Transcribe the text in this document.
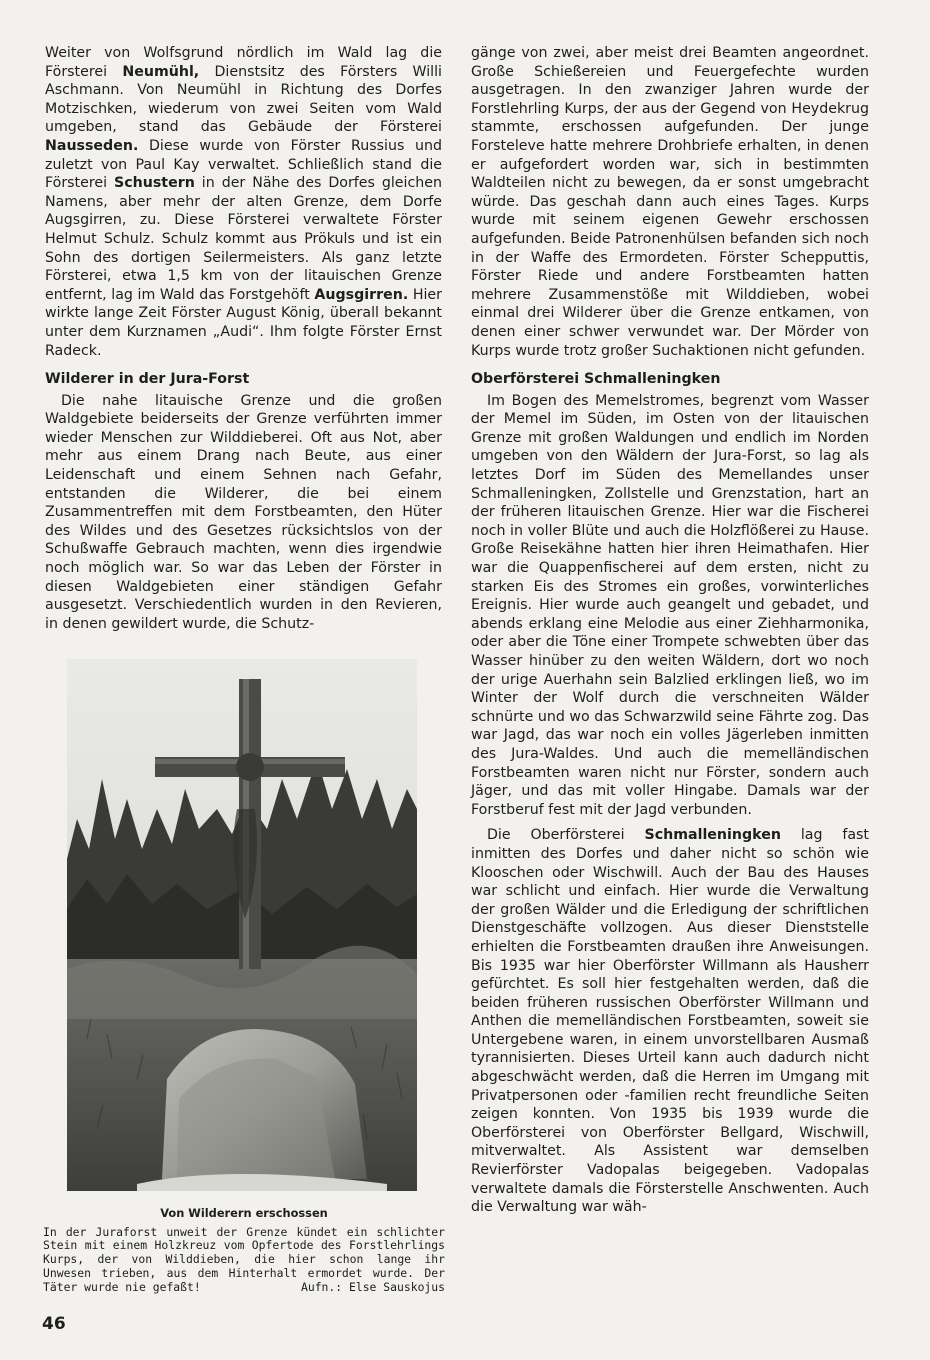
Weiter von Wolfsgrund nördlich im Wald lag die Försterei Neumühl, Dienstsitz des Försters Willi Aschmann. Von Neumühl in Richtung des Dorfes Motzischken, wiederum von zwei Seiten vom Wald umgeben, stand das Gebäude der Försterei Nausseden. Diese wurde von Förster Russius und zuletzt von Paul Kay verwaltet. Schließlich stand die Försterei Schustern in der Nähe des Dorfes gleichen Namens, aber mehr der alten Grenze, dem Dorfe Augsgirren, zu. Diese Försterei verwaltete Förster Helmut Schulz. Schulz kommt aus Prökuls und ist ein Sohn des dortigen Seilermeisters. Als ganz letzte Försterei, etwa 1,5 km von der litauischen Grenze entfernt, lag im Wald das Forstgehöft Augsgirren. Hier wirkte lange Zeit Förster August König, überall bekannt unter dem Kurznamen „Audi“. Ihm folgte Förster Ernst Radeck.

Wilderer in der Jura-Forst

Die nahe litauische Grenze und die großen Waldgebiete beiderseits der Grenze verführten immer wieder Menschen zur Wilddieberei. Oft aus Not, aber mehr aus einem Drang nach Beute, aus einer Leidenschaft und einem Sehnen nach Gefahr, entstanden die Wilderer, die bei einem Zusammentreffen mit dem Forstbeamten, den Hüter des Wildes und des Gesetzes rücksichtslos von der Schußwaffe Gebrauch machten, wenn dies irgendwie noch möglich war. So war das Leben der Förster in diesen Waldgebieten einer ständigen Gefahr ausgesetzt. Verschiedentlich wurden in den Revieren, in denen gewildert wurde, die Schutz-

gänge von zwei, aber meist drei Beamten angeordnet. Große Schießereien und Feuergefechte wurden ausgetragen. In den zwanziger Jahren wurde der Forstlehrling Kurps, der aus der Gegend von Heydekrug stammte, erschossen aufgefunden. Der junge Forsteleve hatte mehrere Drohbriefe erhalten, in denen er aufgefordert worden war, sich in bestimmten Waldteilen nicht zu bewegen, da er sonst umgebracht würde. Das geschah dann auch eines Tages. Kurps wurde mit seinem eigenen Gewehr erschossen aufgefunden. Beide Patronenhülsen befanden sich noch in der Waffe des Ermordeten. Förster Schepputtis, Förster Riede und andere Forstbeamten hatten mehrere Zusammenstöße mit Wilddieben, wobei einmal drei Wilderer über die Grenze entkamen, von denen einer schwer verwundet war. Der Mörder von Kurps wurde trotz großer Suchaktionen nicht gefunden.

Oberförsterei Schmalleningken

Im Bogen des Memelstromes, begrenzt vom Wasser der Memel im Süden, im Osten von der litauischen Grenze mit großen Waldungen und endlich im Norden umgeben von den Wäldern der Jura-Forst, so lag als letztes Dorf im Süden des Memellandes unser Schmalleningken, Zollstelle und Grenzstation, hart an der früheren litauischen Grenze. Hier war die Fischerei noch in voller Blüte und auch die Holzflößerei zu Hause. Große Reisekähne hatten hier ihren Heimathafen. Hier war die Quappenfischerei auf dem ersten, nicht zu starken Eis des Stromes ein großes, vorwinterliches Ereignis. Hier wurde auch geangelt und gebadet, und abends erklang eine Melodie aus einer Ziehharmonika, oder aber die Töne einer Trompete schwebten über das Wasser hinüber zu den weiten Wäldern, dort wo noch der urige Auerhahn sein Balzlied erklingen ließ, wo im Winter der Wolf durch die verschneiten Wälder schnürte und wo das Schwarzwild seine Fährte zog. Das war Jagd, das war noch ein volles Jägerleben inmitten des Jura-Waldes. Und auch die memelländischen Forstbeamten waren nicht nur Förster, sondern auch Jäger, und das mit voller Hingabe. Damals war der Forstberuf fest mit der Jagd verbunden.

Die Oberförsterei Schmalleningken lag fast inmitten des Dorfes und daher nicht so schön wie Klooschen oder Wischwill. Auch der Bau des Hauses war schlicht und einfach. Hier wurde die Verwaltung der großen Wälder und die Erledigung der schriftlichen Dienstgeschäfte vollzogen. Aus dieser Dienststelle erhielten die Forstbeamten draußen ihre Anweisungen. Bis 1935 war hier Oberförster Willmann als Hausherr gefürchtet. Es soll hier festgehalten werden, daß die beiden früheren russischen Oberförster Willmann und Anthen die memelländischen Forstbeamten, soweit sie Untergebene waren, in einem unvorstellbaren Ausmaß tyrannisierten. Dieses Urteil kann auch dadurch nicht abgeschwächt werden, daß die Herren im Umgang mit Privatpersonen oder -familien recht freundliche Seiten zeigen konnten. Von 1935 bis 1939 wurde die Oberförsterei von Oberförster Bellgard, Wischwill, mitverwaltet. Als Assistent war demselben Revierförster Vadopalas beigegeben. Vadopalas verwaltete damals die Försterstelle Anschwenten. Auch die Verwaltung war wäh-

Von Wilderern erschossen
In der Juraforst unweit der Grenze kündet ein schlichter Stein mit einem Holzkreuz vom Opfertode des Forstlehrlings Kurps, der von Wilddieben, die hier schon lange ihr Unwesen trieben, aus dem Hinterhalt ermordet wurde. Der Täter wurde nie gefaßt!	Aufn.: Else Sauskojus
46
